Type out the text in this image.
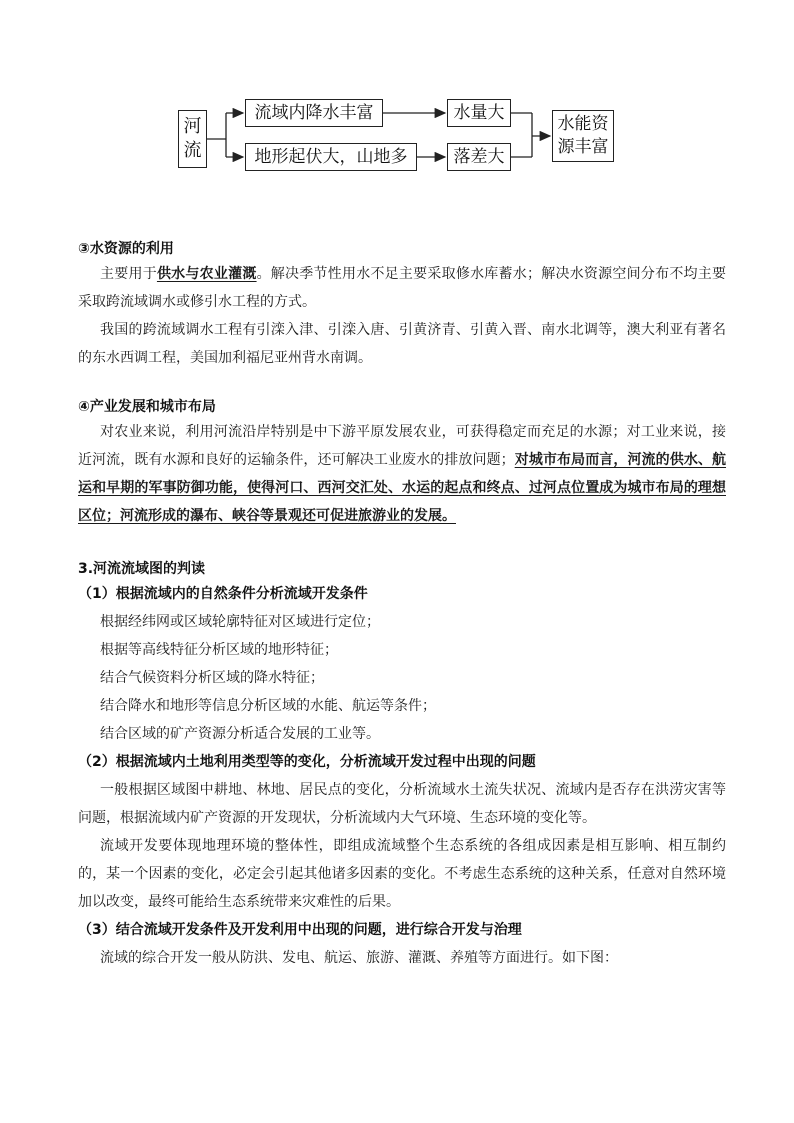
河
流
流域内降水丰富
地形起伏大，山地多
水量大
落差大
水能资
源丰富

③水资源的利用

主要用于供水与农业灌溉。解决季节性用水不足主要采取修水库蓄水；解决水资源空间分布不均主要采取跨流域调水或修引水工程的方式。

我国的跨流域调水工程有引滦入津、引滦入唐、引黄济青、引黄入晋、南水北调等，澳大利亚有著名的东水西调工程，美国加利福尼亚州背水南调。

④产业发展和城市布局

对农业来说，利用河流沿岸特别是中下游平原发展农业，可获得稳定而充足的水源；对工业来说，接近河流，既有水源和良好的运输条件，还可解决工业废水的排放问题；对城市布局而言，河流的供水、航运和早期的军事防御功能，使得河口、西河交汇处、水运的起点和终点、过河点位置成为城市布局的理想区位；河流形成的瀑布、峡谷等景观还可促进旅游业的发展。

3.河流流域图的判读

（1）根据流域内的自然条件分析流域开发条件

根据经纬网或区域轮廓特征对区域进行定位；

根据等高线特征分析区域的地形特征；

结合气候资料分析区域的降水特征；

结合降水和地形等信息分析区域的水能、航运等条件；

结合区域的矿产资源分析适合发展的工业等。

（2）根据流域内土地利用类型等的变化，分析流域开发过程中出现的问题

一般根据区域图中耕地、林地、居民点的变化，分析流域水土流失状况、流域内是否存在洪涝灾害等问题，根据流域内矿产资源的开发现状，分析流域内大气环境、生态环境的变化等。

流域开发要体现地理环境的整体性，即组成流域整个生态系统的各组成因素是相互影响、相互制约的，某一个因素的变化，必定会引起其他诸多因素的变化。不考虑生态系统的这种关系，任意对自然环境加以改变，最终可能给生态系统带来灾难性的后果。

（3）结合流域开发条件及开发利用中出现的问题，进行综合开发与治理

流域的综合开发一般从防洪、发电、航运、旅游、灌溉、养殖等方面进行。如下图：
